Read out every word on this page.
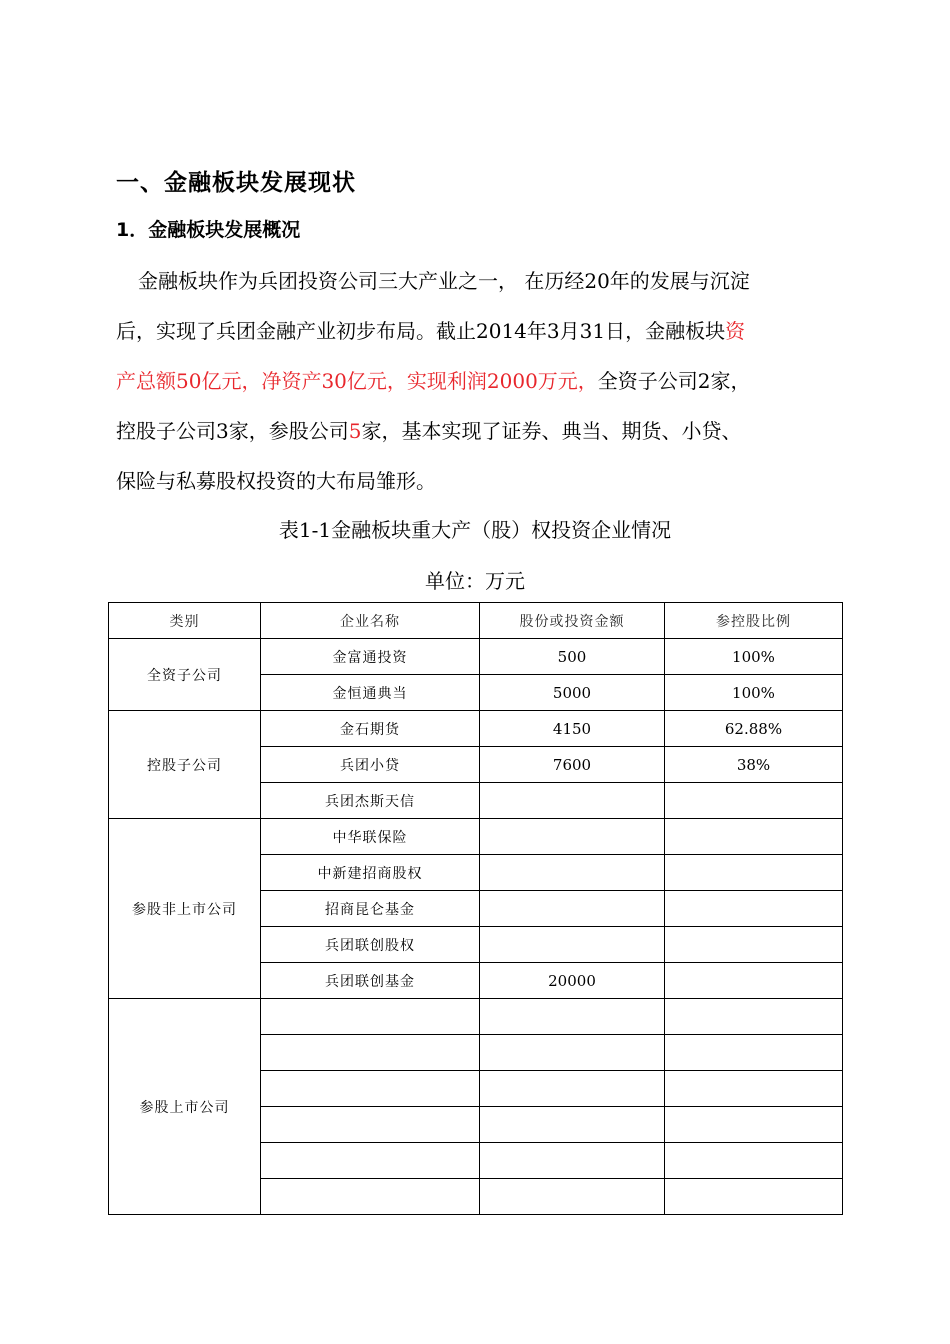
一、金融板块发展现状
1．金融板块发展概况
金融板块作为兵团投资公司三大产业之一， 在历经20年的发展与沉淀
后，实现了兵团金融产业初步布局。截止2014年3月31日，金融板块资
产总额50亿元，净资产30亿元，实现利润2000万元，全资子公司2家，
控股子公司3家，参股公司5家，基本实现了证券、典当、期货、小贷、
保险与私募股权投资的大布局雏形。
表1-1金融板块重大产（股）权投资企业情况
单位：万元
类别	企业名称	股份或投资金额	参控股比例
全资子公司	金富通投资	500	100%
	金恒通典当	5000	100%
控股子公司	金石期货	4150	62.88%
	兵团小贷	7600	38%
	兵团杰斯天信		
参股非上市公司	中华联保险		
	中新建招商股权		
	招商昆仑基金		
	兵团联创股权		
	兵团联创基金	20000	
参股上市公司			
